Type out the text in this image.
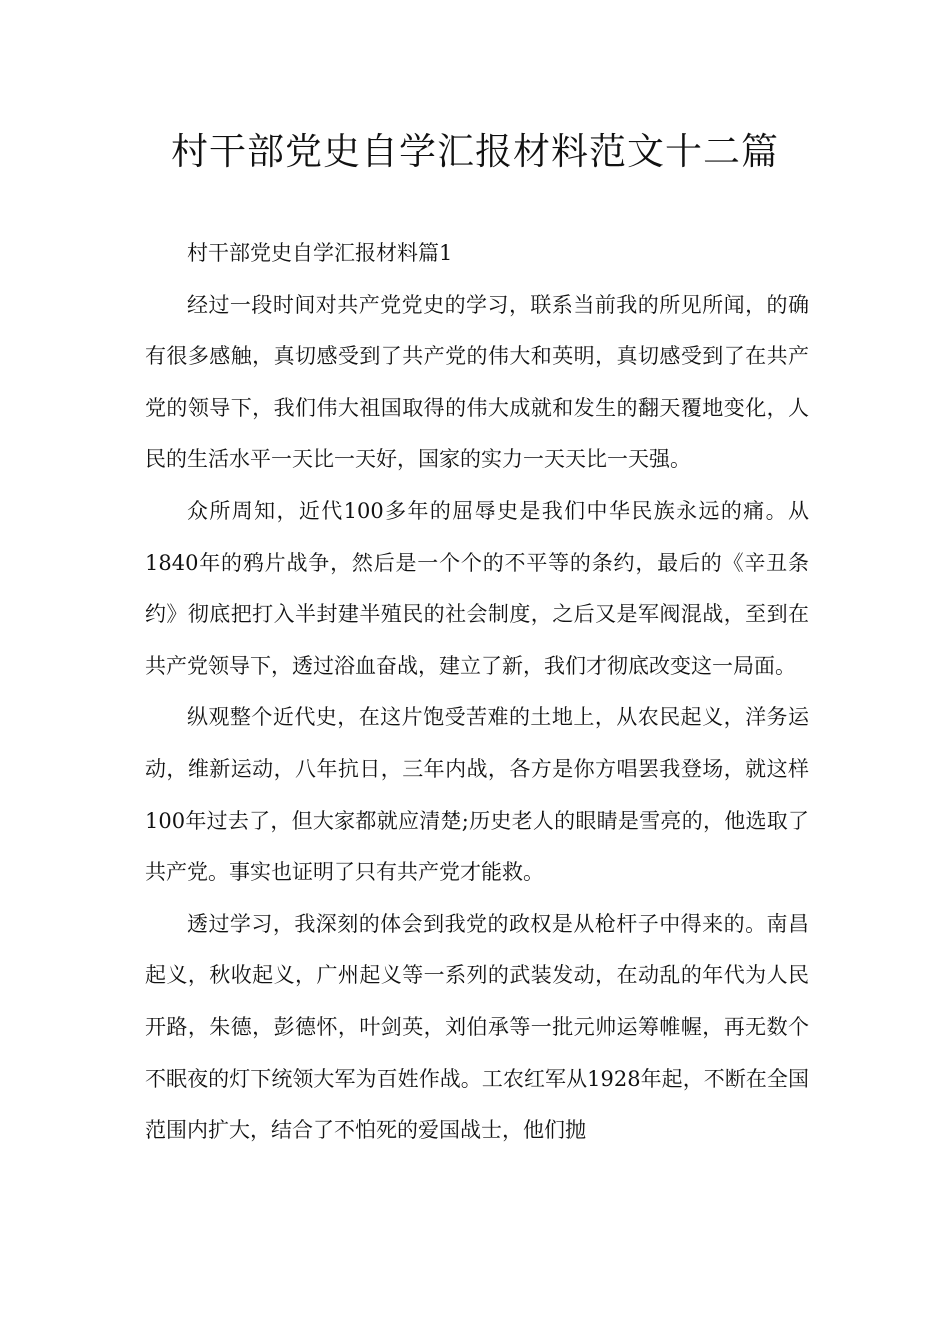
村干部党史自学汇报材料范文十二篇

村干部党史自学汇报材料篇1

经过一段时间对共产党党史的学习，联系当前我的所见所闻，的确有很多感触，真切感受到了共产党的伟大和英明，真切感受到了在共产党的领导下，我们伟大祖国取得的伟大成就和发生的翻天覆地变化，人民的生活水平一天比一天好，国家的实力一天天比一天强。

众所周知，近代100多年的屈辱史是我们中华民族永远的痛。从1840年的鸦片战争，然后是一个个的不平等的条约，最后的《辛丑条约》彻底把打入半封建半殖民的社会制度，之后又是军阀混战，至到在共产党领导下，透过浴血奋战，建立了新，我们才彻底改变这一局面。

纵观整个近代史，在这片饱受苦难的土地上，从农民起义，洋务运动，维新运动，八年抗日，三年内战，各方是你方唱罢我登场，就这样100年过去了，但大家都就应清楚;历史老人的眼睛是雪亮的，他选取了共产党。事实也证明了只有共产党才能救。

透过学习，我深刻的体会到我党的政权是从枪杆子中得来的。南昌起义，秋收起义，广州起义等一系列的武装发动，在动乱的年代为人民开路，朱德，彭德怀，叶剑英，刘伯承等一批元帅运筹帷幄，再无数个不眠夜的灯下统领大军为百姓作战。工农红军从1928年起，不断在全国范围内扩大，结合了不怕死的爱国战士，他们抛
